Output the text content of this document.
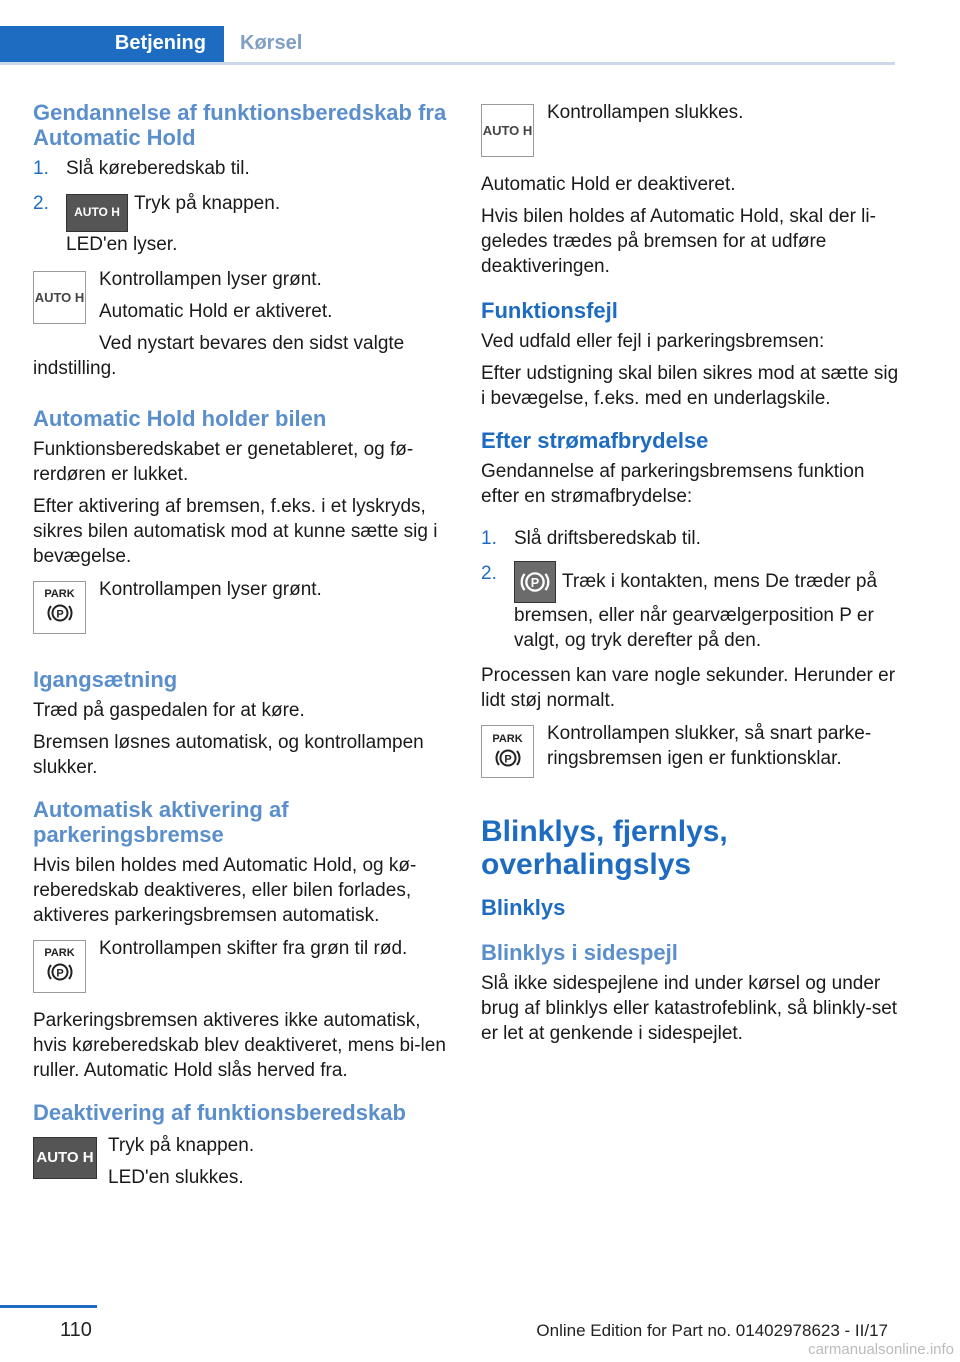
Betjening Kørsel
Gendannelse af funktionsberedskab fra Automatic Hold
1. Slå køreberedskab til.
2. AUTO H Tryk på knappen.
LED'en lyser.
AUTO H

Kontrollampen lyser grønt.

Automatic Hold er aktiveret.

Ved nystart bevares den sidst valgte

indstilling.

Automatic Hold holder bilen

Funktionsberedskabet er genetableret, og fø-rerdøren er lukket.

Efter aktivering af bremsen, f.eks. i et lyskryds, sikres bilen automatisk mod at kunne sætte sig i bevægelse.

PARK
P

Kontrollampen lyser grønt.

Igangsætning

Træd på gaspedalen for at køre.

Bremsen løsnes automatisk, og kontrollampen slukker.

Automatisk aktivering af parkeringsbremse

Hvis bilen holdes med Automatic Hold, og kø-reberedskab deaktiveres, eller bilen forlades, aktiveres parkeringsbremsen automatisk.

PARK
P

Kontrollampen skifter fra grøn til rød.

Parkeringsbremsen aktiveres ikke automatisk, hvis køreberedskab blev deaktiveret, mens bi-len ruller. Automatic Hold slås herved fra.

Deaktivering af funktionsberedskab
AUTO H

Tryk på knappen.

LED'en slukkes.

AUTO H

Kontrollampen slukkes.

Automatic Hold er deaktiveret.

Hvis bilen holdes af Automatic Hold, skal der li-geledes trædes på bremsen for at udføre deaktiveringen.

Funktionsfejl

Ved udfald eller fejl i parkeringsbremsen:

Efter udstigning skal bilen sikres mod at sætte sig i bevægelse, f.eks. med en underlagskile.

Efter strømafbrydelse

Gendannelse af parkeringsbremsens funktion efter en strømafbrydelse:

1. Slå driftsberedskab til.
2.	P Træk i kontakten, mens De træder på bremsen, eller når gearvælgerposition P er valgt, og tryk derefter på den.

Processen kan vare nogle sekunder. Herunder er lidt støj normalt.

PARK
P

Kontrollampen slukker, så snart parke-ringsbremsen igen er funktionsklar.

Blinklys, fjernlys, overhalingslys
Blinklys
Blinklys i sidespejl

Slå ikke sidespejlene ind under kørsel og under brug af blinklys eller katastrofeblink, så blinkly-set er let at genkende i sidespejlet.

110	Online Edition for Part no. 01402978623 - II/17
carmanualsonline.info
